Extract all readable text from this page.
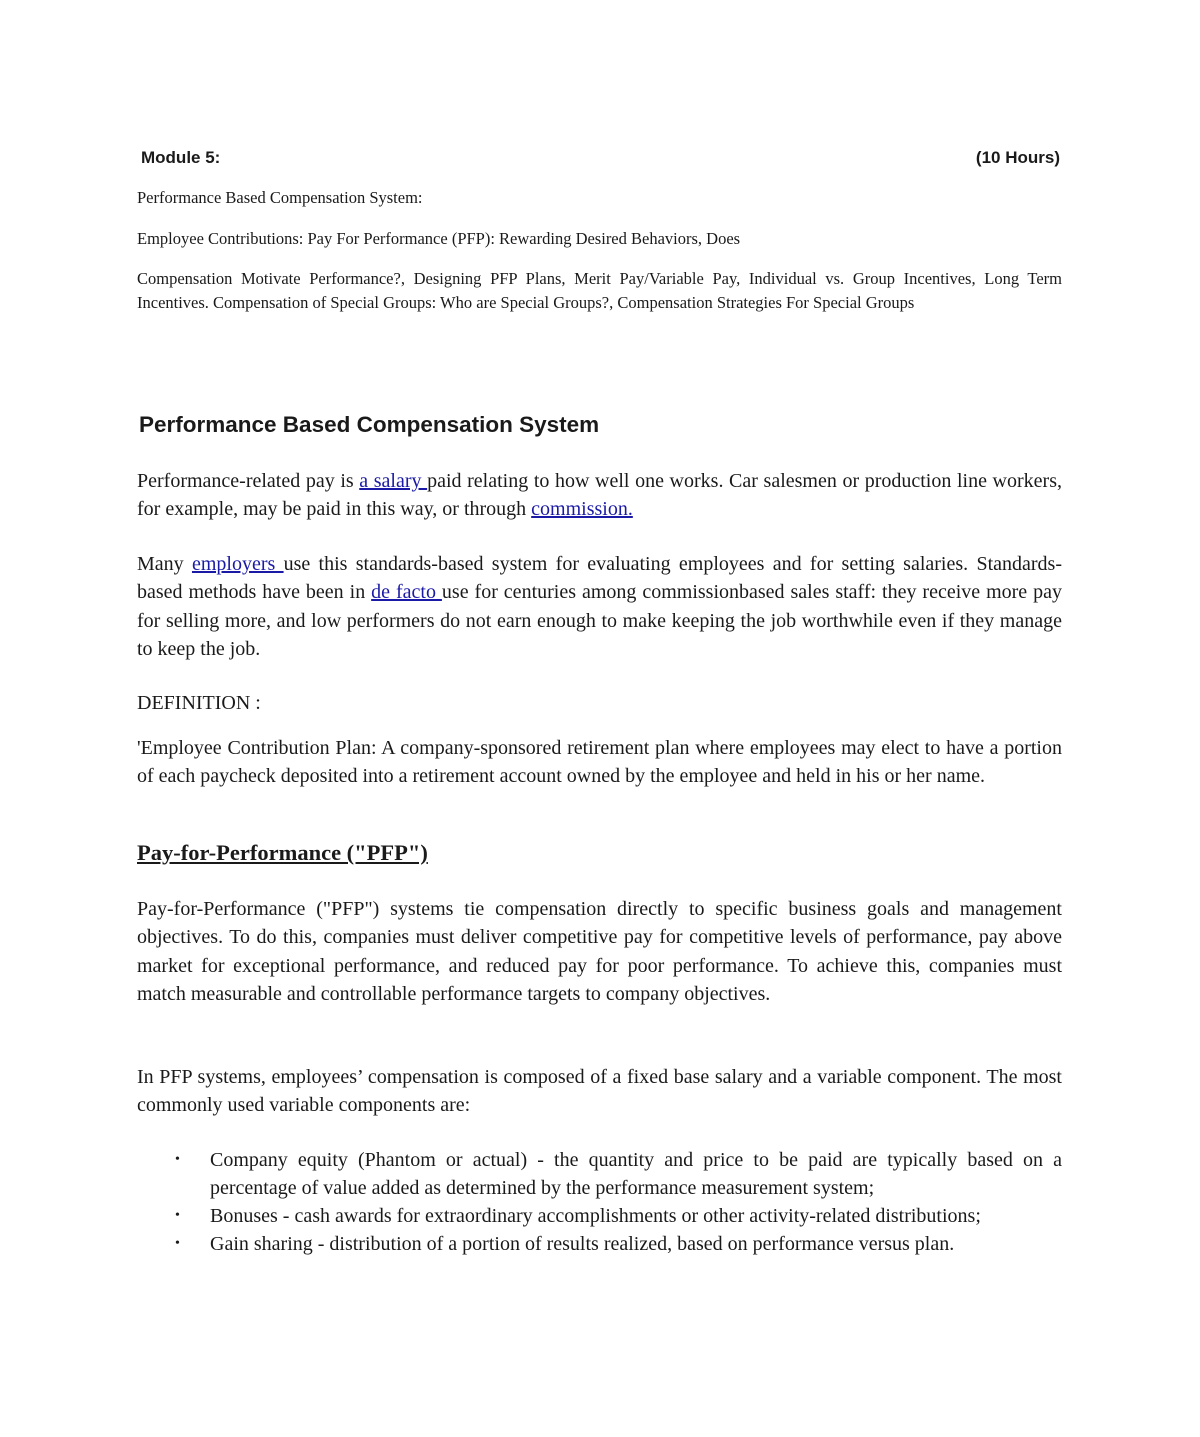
Module 5:	(10 Hours)

Performance Based Compensation System:

Employee Contributions: Pay For Performance (PFP): Rewarding Desired Behaviors, Does

Compensation Motivate Performance?, Designing PFP Plans, Merit Pay/Variable Pay, Individual vs. Group Incentives, Long Term Incentives. Compensation of Special Groups: Who are Special Groups?, Compensation Strategies For Special Groups

Performance Based Compensation System

Performance-related pay is a salary paid relating to how well one works. Car salesmen or production line workers, for example, may be paid in this way, or through commission.

Many employers use this standards-based system for evaluating employees and for setting salaries. Standards-based methods have been in de facto use for centuries among commissionbased sales staff: they receive more pay for selling more, and low performers do not earn enough to make keeping the job worthwhile even if they manage to keep the job.

DEFINITION :
'Employee Contribution Plan: A company-sponsored retirement plan where employees may elect to have a portion of each paycheck deposited into a retirement account owned by the employee and held in his or her name.
Pay-for-Performance ("PFP")
Pay-for-Performance ("PFP") systems tie compensation directly to specific business goals and management objectives. To do this, companies must deliver competitive pay for competitive levels of performance, pay above market for exceptional performance, and reduced pay for poor performance. To achieve this, companies must match measurable and controllable performance targets to company objectives.
In PFP systems, employees’ compensation is composed of a fixed base salary and a variable component. The most commonly used variable components are:
• Company equity (Phantom or actual) - the quantity and price to be paid are typically based on a percentage of value added as determined by the performance measurement system;
• Bonuses - cash awards for extraordinary accomplishments or other activity-related distributions;
• Gain sharing - distribution of a portion of results realized, based on performance versus plan.
